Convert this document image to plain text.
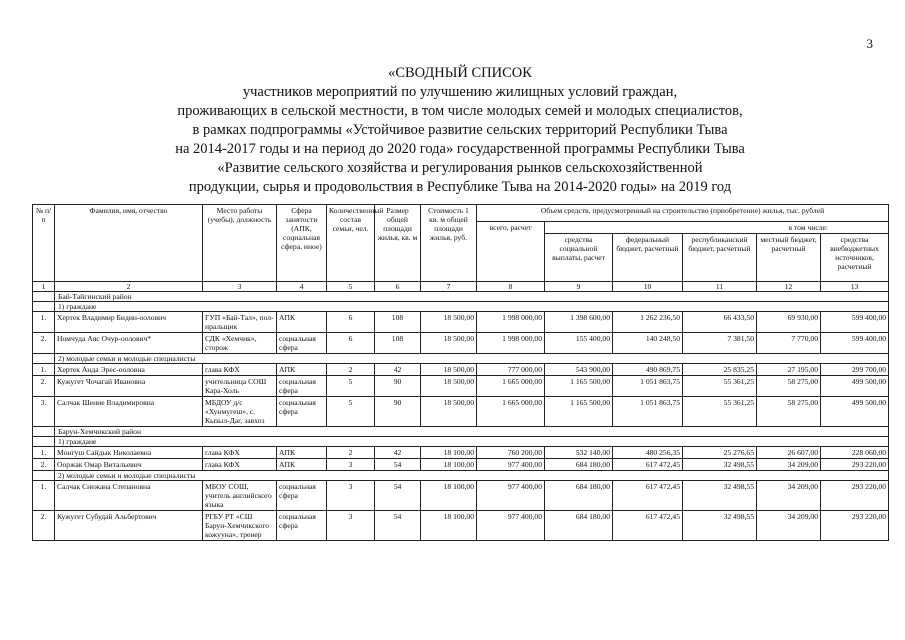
3
«СВОДНЫЙ СПИСОК
участников мероприятий по улучшению жилищных условий граждан,
проживающих в сельской местности, в том числе молодых семей и молодых специалистов,
в рамках подпрограммы «Устойчивое развитие сельских территорий Республики Тыва
на 2014-2017 годы и на период до 2020 года» государственной программы Республики Тыва
«Развитие сельского хозяйства и регулирования рынков сельскохозяйственной
продукции, сырья и продовольствия в Республике Тыва на 2014-2020 годы» на 2019 год
№ п/п	Фамилия, имя, отчество	Место работы (учебы), должность	Сфера занятости (АПК, социальная сфера, иное)	Количественный состав семьи, чел.	Размер общей площади жилья, кв. м	Стоимость 1 кв. м общей площади жилья, руб.	Объем средств, предусмотренный на строительство (приобретение) жилья, тыс. рублей					
							всего, расчет	в том числе:				
								средства социальной выплаты, расчет	федеральный бюджет, расчетный	республиканский бюджет, расчетный	местный бюджет, расчетный	средства внебюджетных источников, расчетный
1	2	3	4	5	6	7	8	9	10	11	12	13
	Бай-Тайгинский район											
	1) граждане											
1.	Хертек Владимир Бидин-оолович	ГУП «Бай-Тал», полиральщик	АПК	6	108	18 500,00	1 998 000,00	1 398 600,00	1 262 236,50	66 433,50	69 930,00	599 400,00
2.	Номчуда Аяс Очур-оолович*	СДК «Хемчик», сторож	социальная сфера	6	108	18 500,00	1 998 000,00	155 400,00	140 248,50	7 381,50	7 770,00	599 400,00
	2) молодые семьи и молодые специалисты											
1.	Хертек Анда Эрес-ооловна	глава КФХ	АПК	2	42	18 500,00	777 000,00	543 900,00	490 869,75	25 835,25	27 195,00	299 700,00
2.	Кужугет Чочагай Ивановна	учительница СОШ Кара-Холь	социальная сфера	5	90	18 500,00	1 665 000,00	1 165 500,00	1 051 863,75	55 361,25	58 275,00	499 500,00
3.	Салчак Шениe Владимировна	МБДОУ д/с «Хунмугеш», с. Кызыл-Даг, завхоз	социальная сфера	5	90	18 500,00	1 665 000,00	1 165 500,00	1 051 863,75	55 361,25	58 275,00	499 500,00
	Барун-Хемчикский район											
	1) граждане											
1.	Монгуш Сайдык Николаевна	глава КФХ	АПК	2	42	18 100,00	760 200,00	532 140,00	480 256,35	25 276,65	26 607,00	228 060,00
2.	Ооржак Омар Витальевич	глава КФХ	АПК	3	54	18 100,00	977 400,00	684 180,00	617 472,45	32 498,55	34 209,00	293 220,00
	2) молодые семьи и молодые специалисты											
1.	Салчак Снежана Степановна	МБОУ СОШ, учитель английского языка	социальная сфера	3	54	18 100,00	977 400,00	684 180,00	617 472,45	32 498,55	34 209,00	293 220,00
2.	Кужугет Субудай Альбертович	РГБУ РТ «СШ Барун-Хемчикского кожууна», тренер	социальная сфера	3	54	18 100,00	977 400,00	684 180,00	617 472,45	32 498,55	34 209,00	293 220,00
